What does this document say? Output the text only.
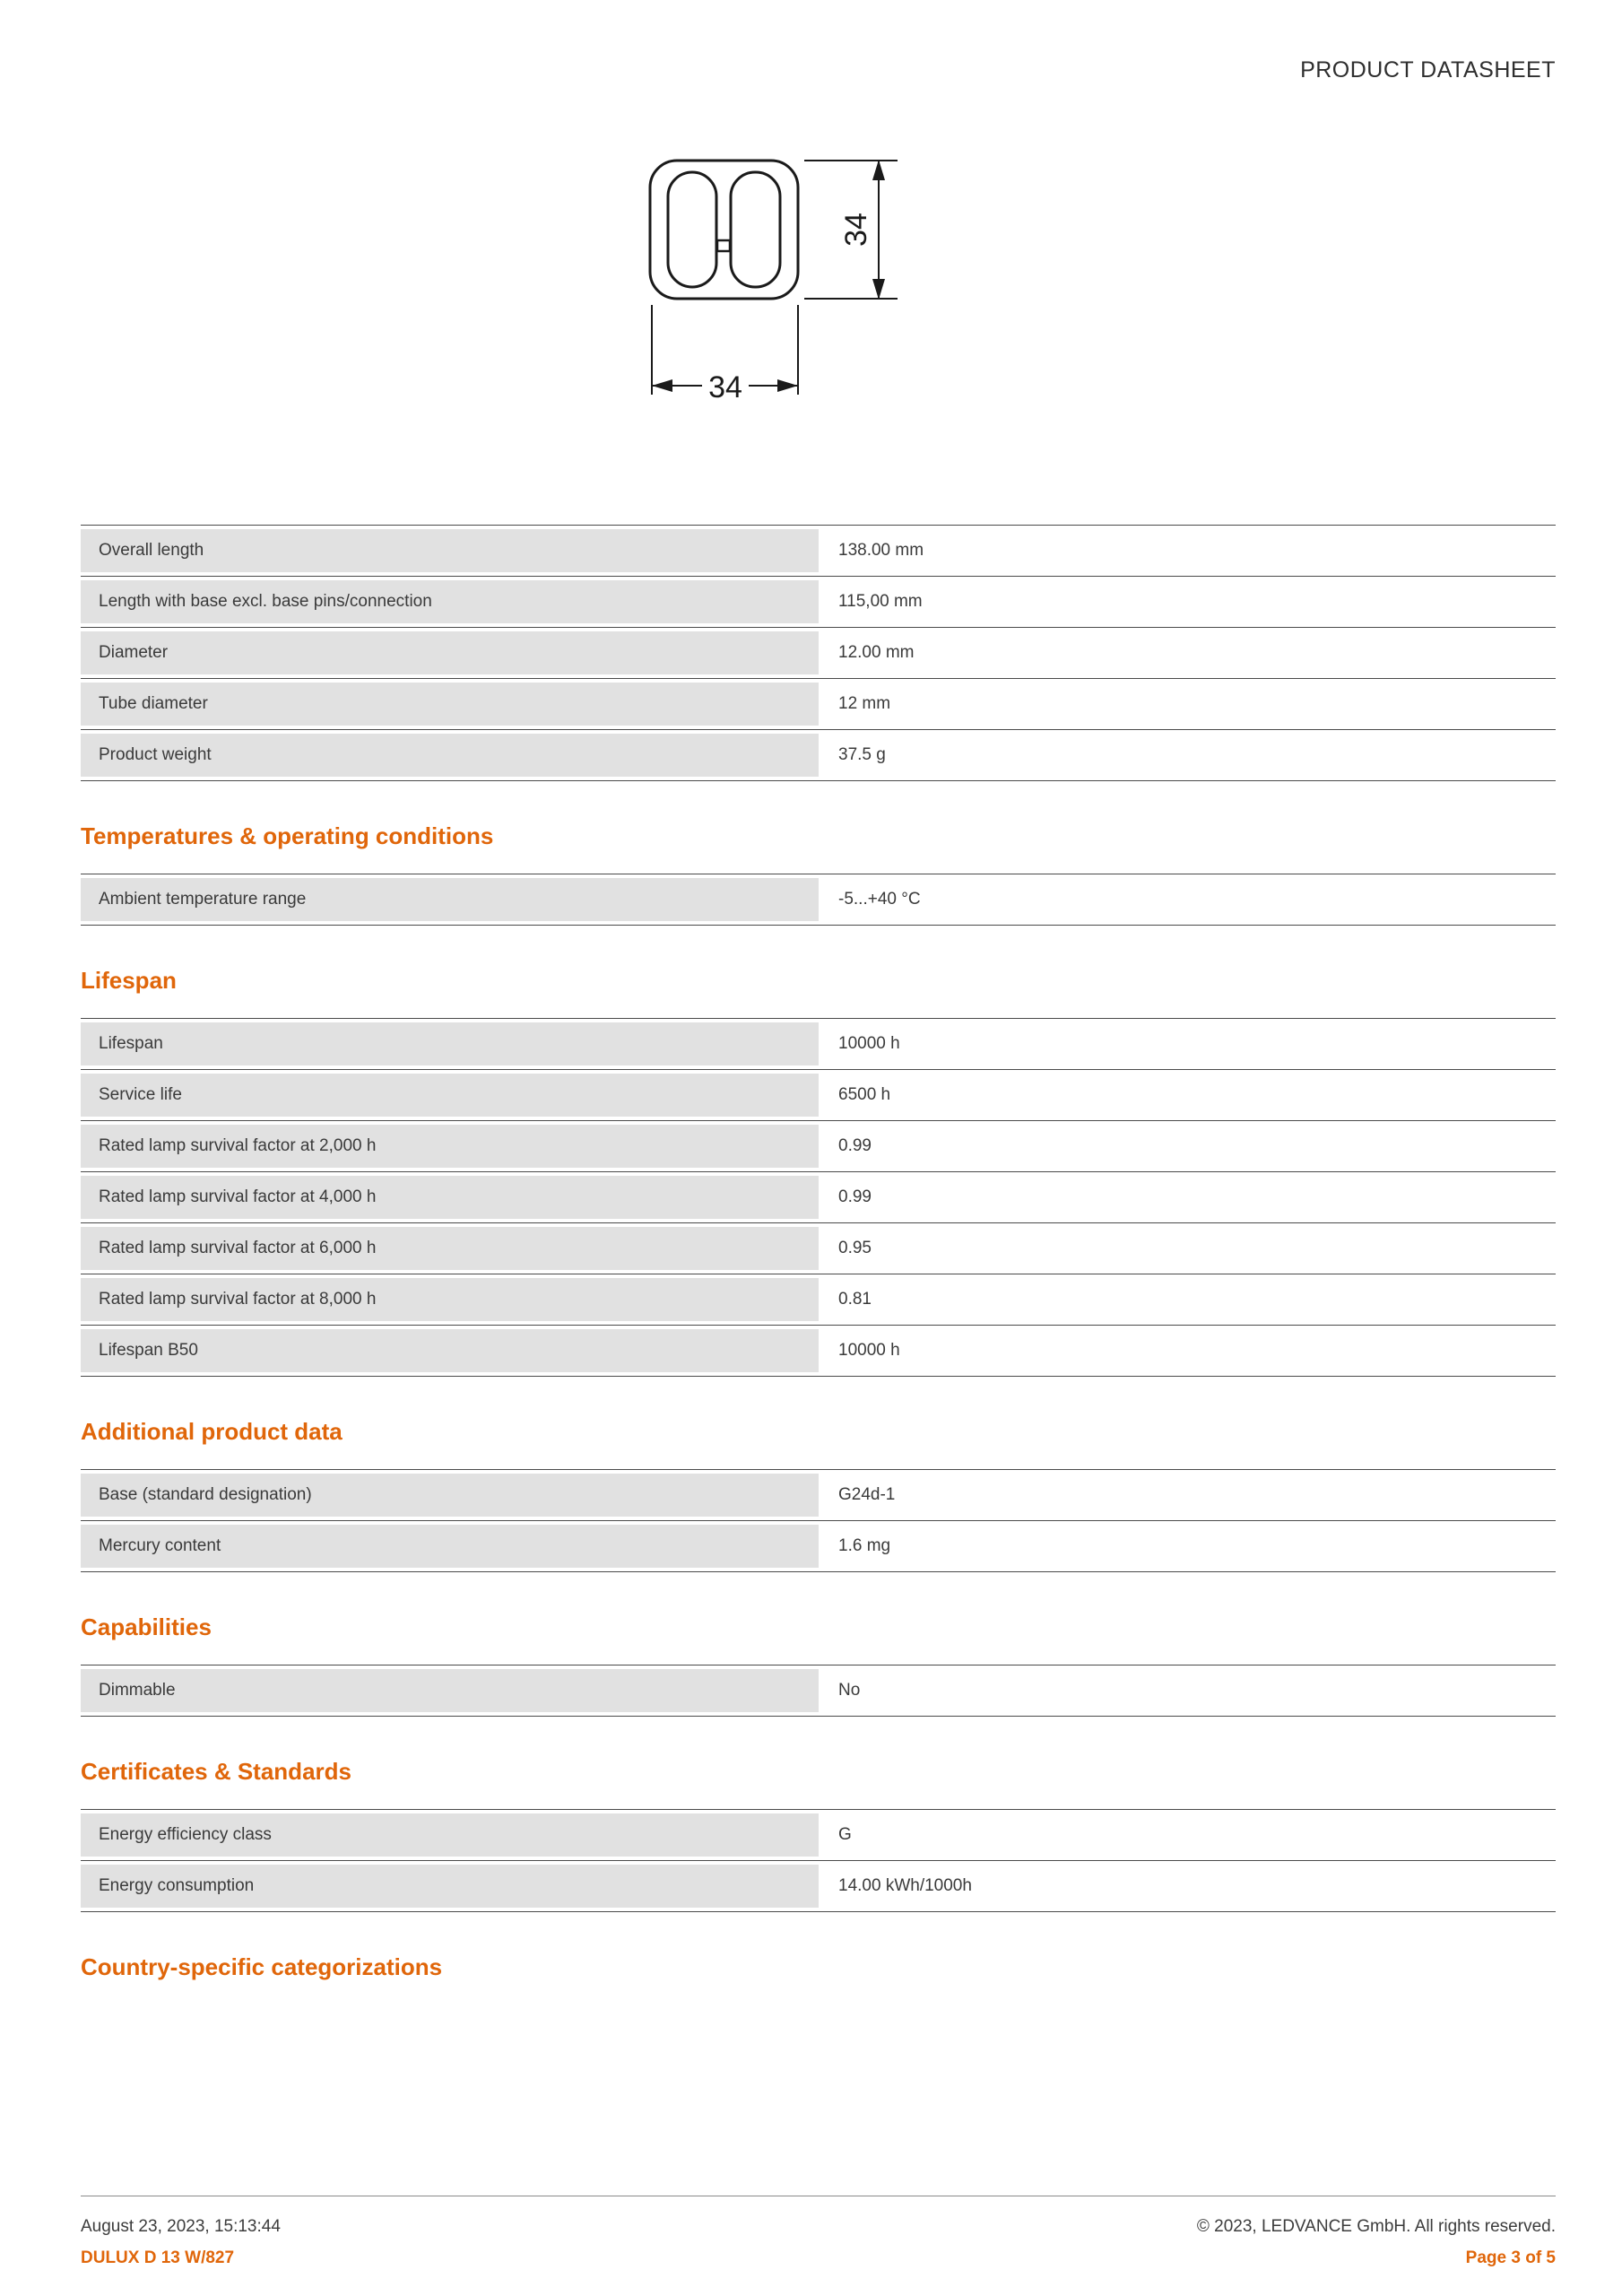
PRODUCT DATASHEET
34
34
Overall length	138.00 mm
Length with base excl. base pins/connection	115,00 mm
Diameter	12.00 mm
Tube diameter	12 mm
Product weight	37.5 g
Temperatures & operating conditions
Ambient temperature range	-5...+40 °C
Lifespan
Lifespan	10000 h
Service life	6500 h
Rated lamp survival factor at 2,000 h	0.99
Rated lamp survival factor at 4,000 h	0.99
Rated lamp survival factor at 6,000 h	0.95
Rated lamp survival factor at 8,000 h	0.81
Lifespan B50	10000 h
Additional product data
Base (standard designation)	G24d-1
Mercury content	1.6 mg
Capabilities
Dimmable	No
Certificates & Standards
Energy efficiency class	G
Energy consumption	14.00 kWh/1000h
Country-specific categorizations
August 23, 2023, 15:13:44
DULUX D 13 W/827
© 2023, LEDVANCE GmbH. All rights reserved.
Page 3 of 5
